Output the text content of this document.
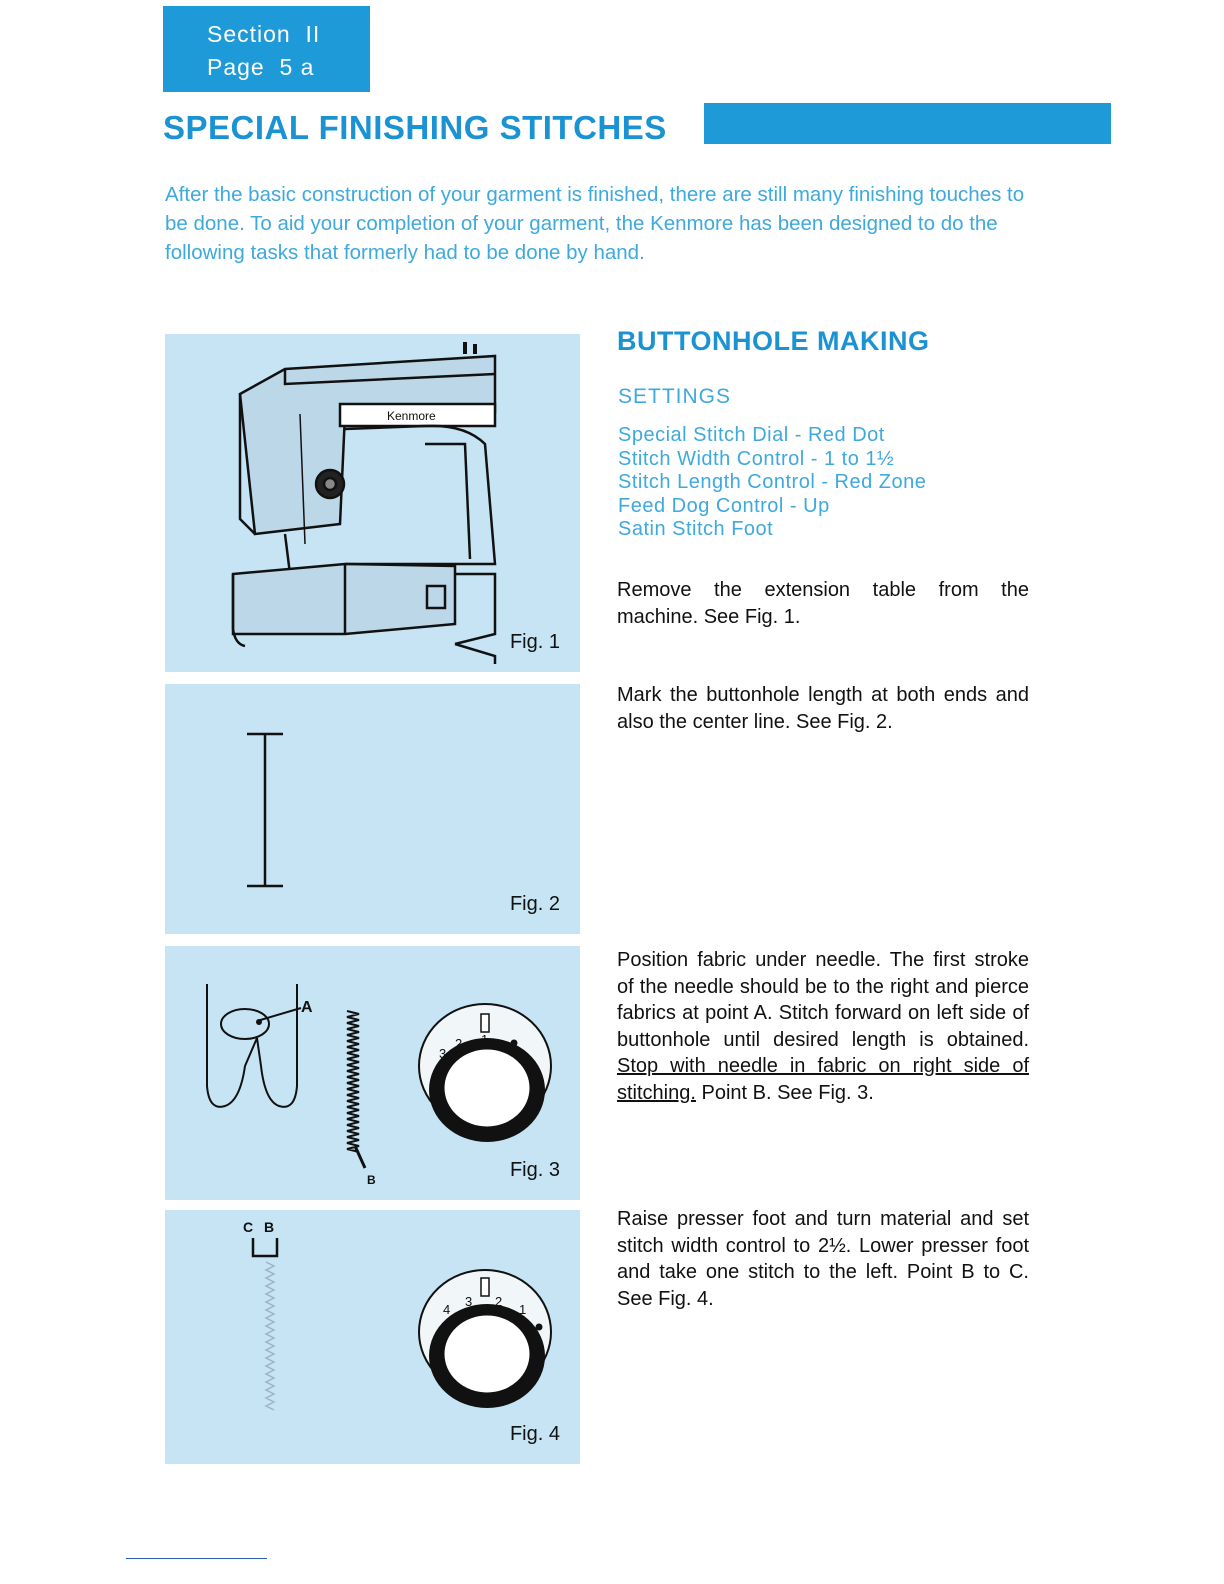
Section  II
Page  5 a
SPECIAL FINISHING STITCHES
After the basic construction of your garment is finished, there are still many finishing touches to be done. To aid your completion of your garment, the Kenmore has been designed to do the following tasks that formerly had to be done by hand.
Kenmore
Fig. 1
Fig. 2
A
B
3
2 1
Fig. 3
C B
4
3 2
1
Fig. 4
BUTTONHOLE MAKING
SETTINGS
Special Stitch Dial - Red Dot
Stitch Width Control - 1 to 1½
Stitch Length Control - Red Zone
Feed Dog Control - Up
Satin Stitch Foot
Remove the extension table from the machine. See Fig. 1.
Mark the buttonhole length at both ends and also the center line. See Fig. 2.
Position fabric under needle. The first stroke of the needle should be to the right and pierce fabrics at point A. Stitch forward on left side of buttonhole until desired length is obtained. Stop with needle in fabric on right side of stitching. Point B. See Fig. 3.
Raise presser foot and turn material and set stitch width control to 2½. Lower presser foot and take one stitch to the left. Point B to C. See Fig. 4.
